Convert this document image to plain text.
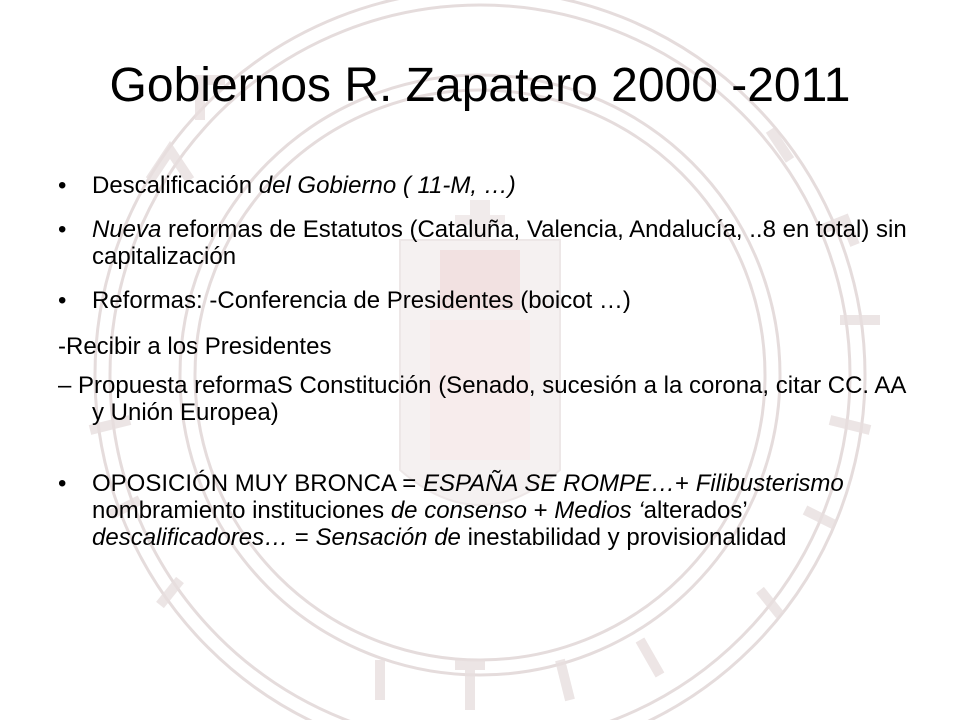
Gobiernos R. Zapatero 2000 -2011

• Descalificación del Gobierno ( 11-M, …)

• Nueva reformas de Estatutos (Cataluña, Valencia, Andalucía, ..8 en total) sin capitalización

• Reformas: -Conferencia de Presidentes (boicot …)

-Recibir a los Presidentes

– Propuesta reformaS Constitución (Senado, sucesión a la corona, citar CC. AA y Unión Europea)

• OPOSICIÓN MUY BRONCA = ESPAÑA SE ROMPE…+ Filibusterismo nombramiento instituciones de consenso + Medios ‘alterados’ descalificadores… = Sensación de inestabilidad y provisionalidad
